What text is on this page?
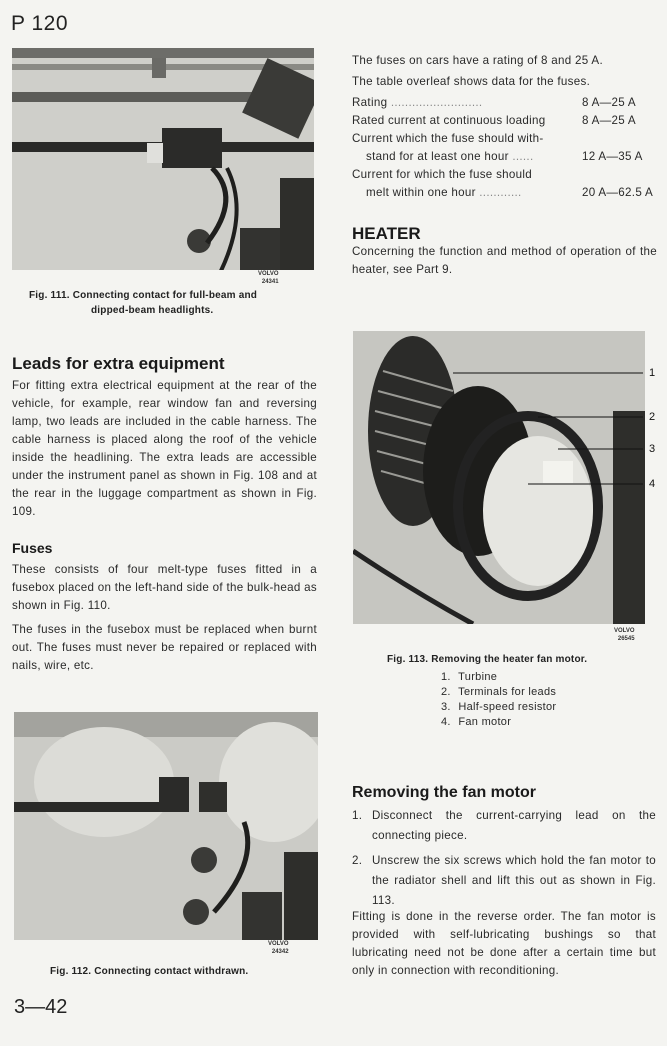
P 120
3—42
VOLVO
24341
Fig. 111. Connecting contact for full-beam and
dipped-beam headlights.
Leads for extra equipment
For fitting extra electrical equipment at the rear of the vehicle, for example, rear window fan and reversing lamp, two leads are included in the cable harness. The cable harness is placed along the roof of the vehicle inside the headlining. The extra leads are accessible under the instrument panel as shown in Fig. 108 and at the rear in the luggage compartment as shown in Fig. 109.
Fuses
These consists of four melt-type fuses fitted in a fusebox placed on the left-hand side of the bulk-head as shown in Fig. 110.
The fuses in the fusebox must be replaced when burnt out. The fuses must never be repaired or replaced with nails, wire, etc.
VOLVO
24342
Fig. 112. Connecting contact withdrawn.
The fuses on cars have a rating of 8 and 25 A.
The table overleaf shows data for the fuses.
Rating ..........................	8 A—25 A
Rated current at continuous loading	8 A—25 A
Current which the fuse should with-
stand for at least one hour ......	12 A—35 A
Current for which the fuse should
melt within one hour ............	20 A—62.5 A
HEATER
Concerning the function and method of operation of the heater, see Part 9.
1
2
3
4
VOLVO
26545
Fig. 113. Removing the heater fan motor.
1. Turbine
2. Terminals for leads
3. Half-speed resistor
4. Fan motor
Removing the fan motor
1. Disconnect the current-carrying lead on the connecting piece.
2. Unscrew the six screws which hold the fan motor to the radiator shell and lift this out as shown in Fig. 113.
Fitting is done in the reverse order. The fan motor is provided with self-lubricating bushings so that lubricating need not be done after a certain time but only in connection with reconditioning.
